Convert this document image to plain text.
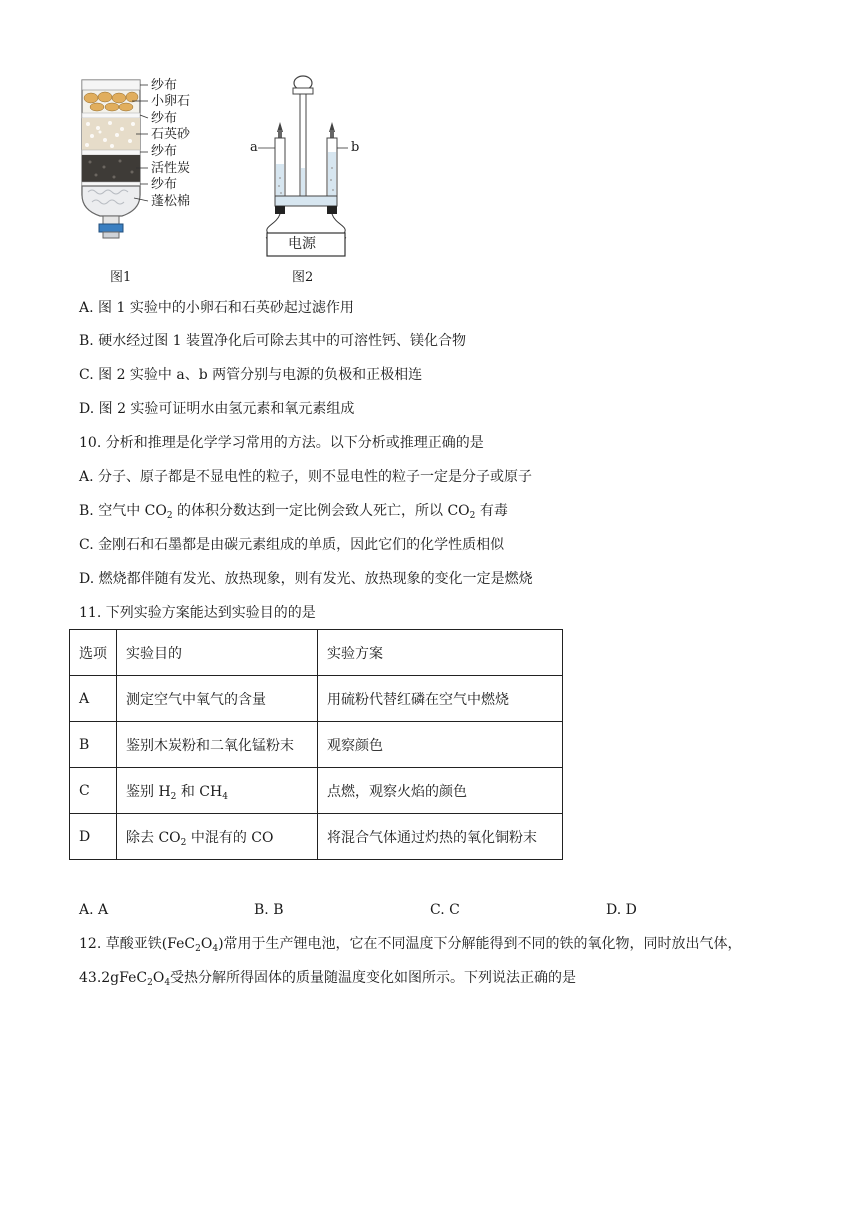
纱布
小卵石
纱布
石英砂
纱布
活性炭
纱布
蓬松棉
图1
a	b
电源
图2
A. 图 1 实验中的小卵石和石英砂起过滤作用
B. 硬水经过图 1 装置净化后可除去其中的可溶性钙、镁化合物
C. 图 2 实验中 a、b 两管分别与电源的负极和正极相连
D. 图 2 实验可证明水由氢元素和氧元素组成
10. 分析和推理是化学学习常用的方法。以下分析或推理正确的是
A. 分子、原子都是不显电性的粒子，则不显电性的粒子一定是分子或原子
B. 空气中 $CO_2$ 的体积分数达到一定比例会致人死亡，所以 $CO_2$ 有毒
C. 金刚石和石墨都是由碳元素组成的单质，因此它们的化学性质相似
D. 燃烧都伴随有发光、放热现象，则有发光、放热现象的变化一定是燃烧
11. 下列实验方案能达到实验目的的是
选项	实验目的	实验方案
A	测定空气中氧气的含量	用硫粉代替红磷在空气中燃烧
B	鉴别木炭粉和二氧化锰粉末	观察颜色
C	鉴别 $H_2$ 和 $CH_4$	点燃，观察火焰的颜色
D	除去 $CO_2$ 中混有的 CO	将混合气体通过灼热的氧化铜粉末
A. A	B. B	C. C	D. D
12. 草酸亚铁$(FeC_2O_4)$常用于生产锂电池，它在不同温度下分解能得到不同的铁的氧化物，同时放出气体，
$43.2gFeC_2O_4$受热分解所得固体的质量随温度变化如图所示。下列说法正确的是
